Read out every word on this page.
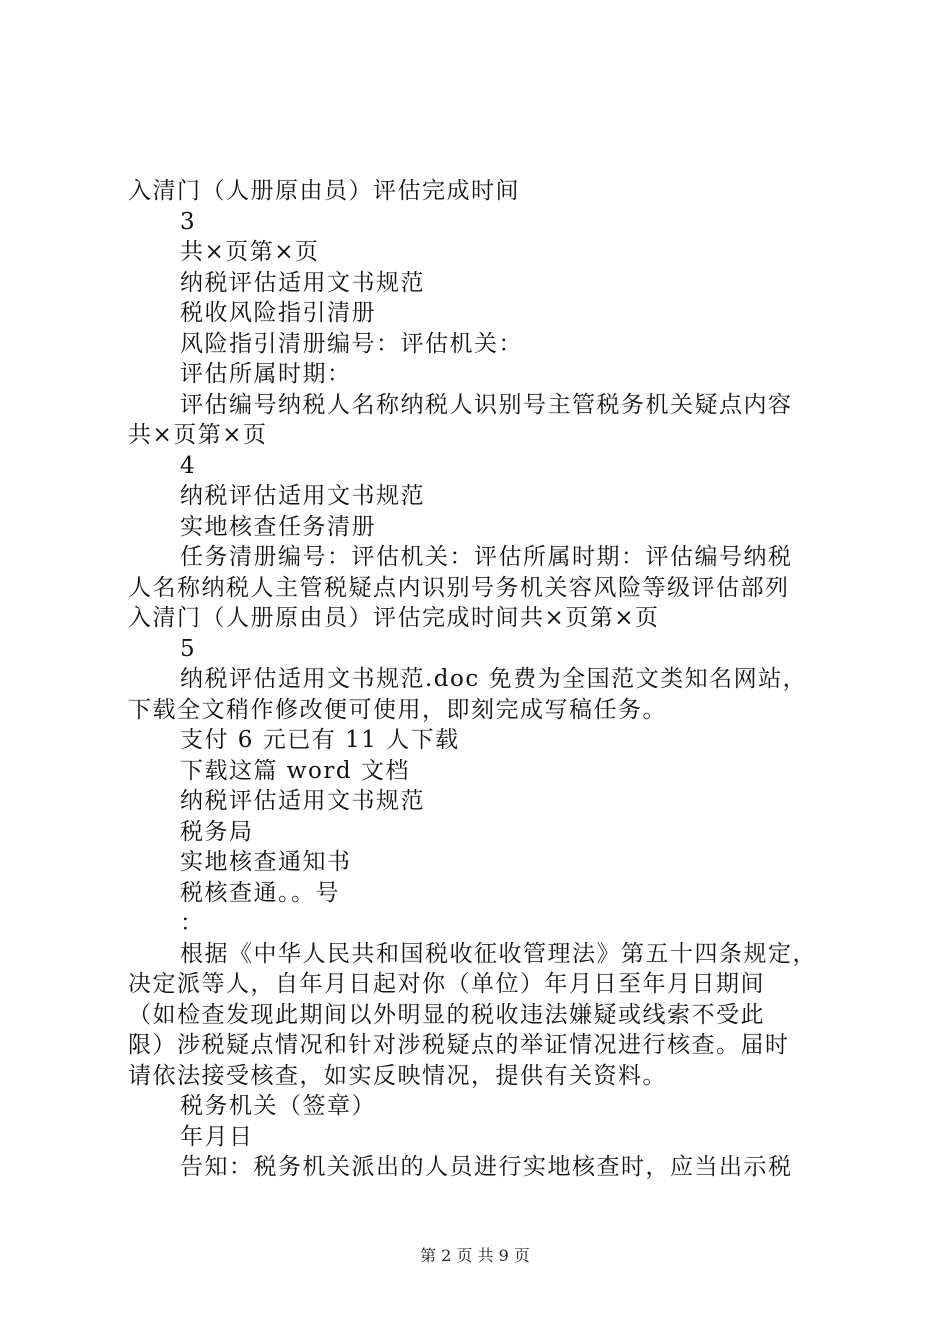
入清门（人册原由员）评估完成时间
3
共×页第×页
纳税评估适用文书规范
税收风险指引清册
风险指引清册编号：评估机关：
评估所属时期：
评估编号纳税人名称纳税人识别号主管税务机关疑点内容
共×页第×页
4
纳税评估适用文书规范
实地核查任务清册
任务清册编号：评估机关：评估所属时期：评估编号纳税
人名称纳税人主管税疑点内识别号务机关容风险等级评估部列
入清门（人册原由员）评估完成时间共×页第×页
5
纳税评估适用文书规范.doc 免费为全国范文类知名网站，
下载全文稍作修改便可使用，即刻完成写稿任务。
支付 6 元已有 11 人下载
下载这篇 word 文档
纳税评估适用文书规范
税务局
实地核查通知书
税核查通。。号
：
根据《中华人民共和国税收征收管理法》第五十四条规定，
决定派等人，自年月日起对你（单位）年月日至年月日期间
（如检查发现此期间以外明显的税收违法嫌疑或线索不受此
限）涉税疑点情况和针对涉税疑点的举证情况进行核查。届时
请依法接受核查，如实反映情况，提供有关资料。
税务机关（签章）
年月日
告知：税务机关派出的人员进行实地核查时，应当出示税
第 2 页 共 9 页
